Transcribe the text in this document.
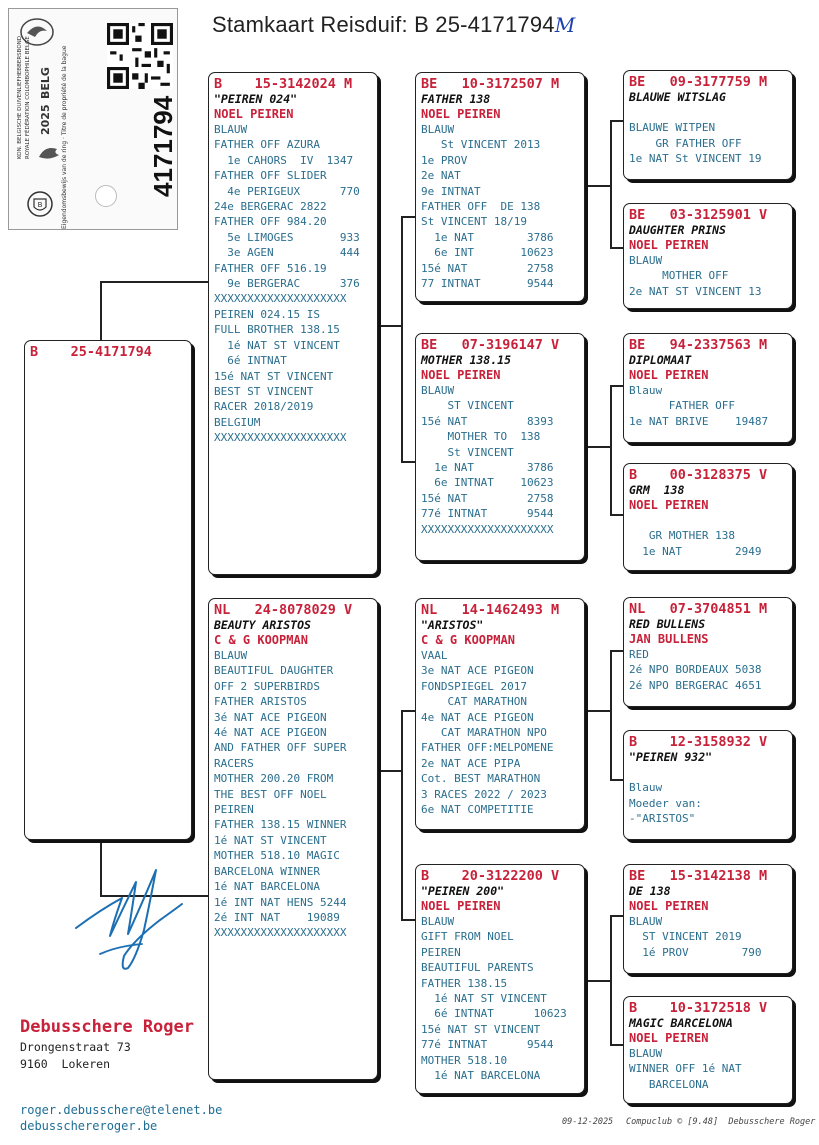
Stamkaart Reisduif: B 25-4171794M
KON. BELGISCHE DUIVENLIEFHEBBERSBOND ROYALE FÉDÉRATION COLOMBOPHILE BELGE 2025
BELG
B	Eigendomsbewijs van de ring · Titre de propriété de la bague	4171794
B    25-4171794
B    15-3142024 M
"PEIREN 024"
NOEL PEIREN
BLAUW
FATHER OFF AZURA
1e CAHORS  IV  1347
FATHER OFF SLIDER
4e PERIGEUX      770
24e BERGERAC 2822
FATHER OFF 984.20
5e LIMOGES       933
3e AGEN          444
FATHER OFF 516.19
9e BERGERAC      376
XXXXXXXXXXXXXXXXXXXX
PEIREN 024.15 IS
FULL BROTHER 138.15
1é NAT ST VINCENT
6é INTNAT
15é NAT ST VINCENT
BEST ST VINCENT
RACER 2018/2019
BELGIUM
XXXXXXXXXXXXXXXXXXXX
NL   24-8078029 V
BEAUTY ARISTOS
C & G KOOPMAN
BLAUW
BEAUTIFUL DAUGHTER
OFF 2 SUPERBIRDS
FATHER ARISTOS
3é NAT ACE PIGEON
4é NAT ACE PIGEON
AND FATHER OFF SUPER
RACERS
MOTHER 200.20 FROM
THE BEST OFF NOEL
PEIREN
FATHER 138.15 WINNER
1é NAT ST VINCENT
MOTHER 518.10 MAGIC
BARCELONA WINNER
1é NAT BARCELONA
1é INT NAT HENS 5244
2é INT NAT    19089
XXXXXXXXXXXXXXXXXXXX
BE   10-3172507 M
FATHER 138
NOEL PEIREN
BLAUW
St VINCENT 2013
1e PROV
2e NAT
9e INTNAT
FATHER OFF  DE 138
St VINCENT 18/19
1e NAT        3786
6e INT       10623
15é NAT         2758
77 INTNAT       9544
BE   07-3196147 V
MOTHER 138.15
NOEL PEIREN
BLAUW
ST VINCENT
15é NAT         8393
MOTHER TO  138
St VINCENT
1e NAT        3786
6e INTNAT    10623
15é NAT         2758
77é INTNAT      9544
XXXXXXXXXXXXXXXXXXXX
NL   14-1462493 M
"ARISTOS"
C & G KOOPMAN
VAAL
3e NAT ACE PIGEON
FONDSPIEGEL 2017
CAT MARATHON
4e NAT ACE PIGEON
CAT MARATHON NPO
FATHER OFF:MELPOMENE
2e NAT ACE PIPA
Cot. BEST MARATHON
3 RACES 2022 / 2023
6e NAT COMPETITIE
B    20-3122200 V
"PEIREN 200"
NOEL PEIREN
BLAUW
GIFT FROM NOEL
PEIREN
BEAUTIFUL PARENTS
FATHER 138.15
1é NAT ST VINCENT
6é INTNAT      10623
15é NAT ST VINCENT
77é INTNAT      9544
MOTHER 518.10
1é NAT BARCELONA
BE   09-3177759 M
BLAUWE WITSLAG

BLAUWE WITPEN
GR FATHER OFF
1e NAT St VINCENT 19
BE   03-3125901 V
DAUGHTER PRINS
NOEL PEIREN
BLAUW
MOTHER OFF
2e NAT ST VINCENT 13
BE   94-2337563 M
DIPLOMAAT
NOEL PEIREN
Blauw
FATHER OFF
1e NAT BRIVE    19487
B    00-3128375 V
GRM  138
NOEL PEIREN

GR MOTHER 138
1e NAT        2949
NL   07-3704851 M
RED BULLENS
JAN BULLENS
RED
2é NPO BORDEAUX 5038
2é NPO BERGERAC 4651
B    12-3158932 V
"PEIREN 932"

Blauw
Moeder van:
-"ARISTOS"
BE   15-3142138 M
DE 138
NOEL PEIREN
BLAUW
ST VINCENT 2019
1é PROV        790
B    10-3172518 V
MAGIC BARCELONA
NOEL PEIREN
BLAUW
WINNER OFF 1é NAT
BARCELONA
Debusschere Roger
Drongenstraat 73
9160  Lokeren
roger.debusschere@telenet.be
debusschereroger.be	09-12-2025 Compuclub © [9.48]  Debusschere Roger
